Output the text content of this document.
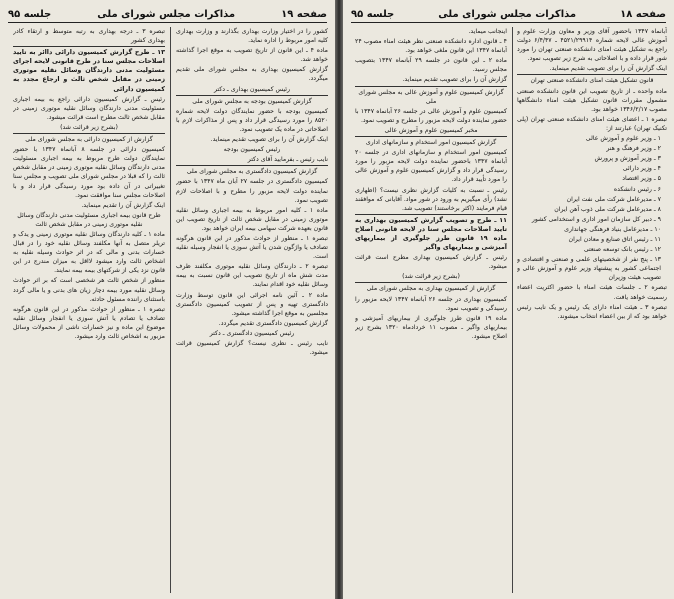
صفحه ۱۹
مذاکرات مجلس شورای ملی
جلسه ۹۵

کشور را در اختیار وزارت بهداری بگذارند و وزارت بهداری کلیه امور مربوط را اداره نماید.

ماده ۴ ـ این قانون از تاریخ تصویب به موقع اجرا گذاشته خواهد شد.

گزارش کمیسیون بهداری به مجلس شورای ملی تقدیم میگردد.

رئیس کمیسیون بهداری ـ دکتر

گزارش کمیسیون بودجه به مجلس شورای ملی

کمیسیون بودجه با حضور نمایندگان دولت لایحه شماره ۸۵۲۰ را مورد رسیدگی قرار داد و پس از مذاکرات لازم با اصلاحاتی در ماده یک تصویب نمود.

اینک گزارش آن را برای تصویب تقدیم مینماید.

رئیس کمیسیون بودجه

نایب رئیس ـ بفرمایید آقای دکتر

گزارش کمیسیون دادگستری به مجلس شورای ملی

کمیسیون دادگستری در جلسه ۲۷ آبان ماه ۱۳۴۷ با حضور نماینده دولت لایحه مزبور را مطرح و با اصلاحات لازم تصویب نمود.

ماده ۱ ـ کلیه امور مربوط به بیمه اجباری وسائل نقلیه موتوری زمینی در مقابل شخص ثالث از تاریخ تصویب این قانون بعهده شرکت سهامی بیمه ایران خواهد بود.

تبصره ۱ ـ منظور از حوادث مذکور در این قانون هرگونه تصادف یا واژگون شدن یا آتش سوزی یا انفجار وسیله نقلیه است.

تبصره ۲ ـ دارندگان وسائل نقلیه موتوری مکلفند ظرف مدت شش ماه از تاریخ تصویب این قانون نسبت به بیمه وسائل نقلیه خود اقدام نمایند.

ماده ۲ ـ آئین نامه اجرائی این قانون توسط وزارت دادگستری تهیه و پس از تصویب کمیسیون دادگستری مجلسین به موقع اجرا گذاشته میشود.

گزارش کمیسیون دادگستری تقدیم میگردد.

رئیس کمیسیون دادگستری ـ دکتر

نایب رئیس ـ نظری نیست؟ گزارش کمیسیون قرائت میشود.

تبصره ۳ ـ درجه بهداری به رتبه متوسط و ارتقاء کادر بهداری کشور

۱۳ ـ طرح گزارش کمیسیون دارائی داائر به تایید اصلاحات مجلس سنا در طرح قانونی لایحه اجرای مسئولیت مدنی دارندگان وسائل نقلیه موتوری زمینی در مقابل شخص ثالث و ارجاع مجدد به کمیسیون دارائی

رئیس ـ گزارش کمیسیون دارائی راجع به بیمه اجباری مسئولیت مدنی دارندگان وسائل نقلیه موتوری زمینی در مقابل شخص ثالث مطرح است قرائت میشود.

(بشرح زیر قرائت شد)

گزارش از کمیسیون دارائی به مجلس شورای ملی

کمیسیون دارائی در جلسه ۸ آبانماه ۱۳۴۷ با حضور نمایندگان دولت طرح مربوط به بیمه اجباری مسئولیت مدنی دارندگان وسائل نقلیه موتوری زمینی در مقابل شخص ثالث را که قبلا در مجلس شورای ملی تصویب و مجلس سنا تغییراتی در آن داده بود مورد رسیدگی قرار داد و با اصلاحات مجلس سنا موافقت نمود.

اینک گزارش آن را تقدیم مینماید.

طرح قانون بیمه اجباری مسئولیت مدنی دارندگان وسائل نقلیه موتوری زمینی در مقابل شخص ثالث

ماده ۱ ـ کلیه دارندگان وسائل نقلیه موتوری زمینی و یدک و تریلر متصل به آنها مکلفند وسائل نقلیه خود را در قبال خسارات بدنی و مالی که در اثر حوادث وسیله نقلیه به اشخاص ثالث وارد میشود لااقل به میزان مندرج در این قانون نزد یکی از شرکتهای بیمه بیمه نمایند.

منظور از شخص ثالث هر شخصی است که بر اثر حوادث وسائل نقلیه مورد بیمه دچار زیان های بدنی و یا مالی گردد باستثنای راننده مسئول حادثه.

تبصره ۱ ـ منظور از حوادث مذکور در این قانون هرگونه تصادف یا تصادم یا آتش سوزی یا انفجار وسائل نقلیه موضوع این ماده و نیز خسارات ناشی از محمولات وسائل مزبور به اشخاص ثالث وارد میشود.

صفحه ۱۸
مذاکرات مجلس شورای ملی
جلسه ۹۵

آبانماه ۱۳۴۷ باحضور آقای وزیر و معاون وزارت علوم و آموزش عالی لایحه شماره ۴۵۲۱/۲۹۹۱۴ ـ ۶/۴/۴۷ دولت راجع به تشکیل هیئت امنای دانشکده صنعتی تهران را مورد شور قرار داده و با اصلاحاتی به شرح زیر تصویب نمود.

اینک گزارش آن را برای تصویب تقدیم مینماید.

قانون تشکیل هیئت امنای دانشکده صنعتی تهران

ماده واحده ـ از تاریخ تصویب این قانون دانشکده صنعتی مشمول مقررات قانون تشکیل هیئت امناء دانشگاهها مصوب ۱۳۴۶/۲/۱۷ خواهد بود.

تبصره ۱ ـ اعضای هیئت امنای دانشکده صنعتی تهران (پلی تکنیک تهران) عبارتند از:

۱ ـ وزیر علوم و آموزش عالی

۲ ـ وزیر فرهنگ و هنر

۳ ـ وزیر آموزش و پرورش

۴ ـ وزیر دارائی

۵ ـ وزیر اقتصاد

۶ ـ رئیس دانشکده

۷ ـ مدیرعامل شرکت ملی نفت ایران

۸ ـ مدیرعامل شرکت ملی ذوب آهن ایران

۹ ـ دبیر کل سازمان امور اداری و استخدامی کشور

۱۰ ـ مدیرعامل بنیاد فرهنگی جهانداری

۱۱ ـ رئیس اتاق صنایع و معادن ایران

۱۲ ـ رئیس بانک توسعه صنعتی

۱۳ ـ پنج نفر از شخصیتهای علمی و صنعتی و اقتصادی و اجتماعی کشور به پیشنهاد وزیر علوم و آموزش عالی و تصویب هیئت وزیران

تبصره ۲ ـ جلسات هیئت امناء با حضور اکثریت اعضاء رسمیت خواهد یافت.

تبصره ۳ ـ هیئت امناء دارای یک رئیس و یک نایب رئیس خواهد بود که از بین اعضاء انتخاب میشوند.

اینجانب میماید.

۴ ـ قانون اداره دانشکده صنعتی نظر هیئت امناء مصوب ۲۴ آبانماه ۱۳۴۷ این قانون ملغی خواهد بود.

ماده ۲ ـ این قانون در جلسه ۲۹ آبانماه ۱۳۴۷ بتصویب مجلس رسید.

گزارش آن را برای تصویب تقدیم مینماید.

گزارش کمیسیون علوم و آموزش عالی به مجلس شورای ملی

کمیسیون علوم و آموزش عالی در جلسه ۲۶ آبانماه ۱۳۴۷ با حضور نماینده دولت لایحه مزبور را مطرح و تصویب نمود.

مخبر کمیسیون علوم و آموزش عالی

گزارش کمیسیون امور استخدام و سازمانهای اداری

کمیسیون امور استخدام و سازمانهای اداری در جلسه ۲۰ آبانماه ۱۳۴۷ باحضور نماینده دولت لایحه مزبور را مورد رسیدگی قرار داد و گزارش کمیسیون علوم و آموزش عالی را مورد تأیید قرار داد.

رئیس ـ نسبت به کلیات گزارش نظری نیست؟ (اظهاری نشد) رأی میگیریم به ورود در شور مواد. آقایانی که موافقند قیام فرمایند (اکثر برخاستند) تصویب شد.

۱۱ ـ طرح و تصویب گزارش کمیسیون بهداری به تایید اصلاحات مجلس سنا در لایحه قانونی اصلاح ماده ۱۹ قانون طرز جلوگیری از بیماریهای آمیزشی و بیماریهای واگیر

رئیس ـ گزارش کمیسیون بهداری مطرح است قرائت میشود.

(بشرح زیر قرائت شد)

گزارش از کمیسیون بهداری به مجلس شورای ملی

کمیسیون بهداری در جلسه ۲۶ آبانماه ۱۳۴۷ لایحه مزبور را رسیدگی و تصویب نمود.

ماده ۱۹ قانون طرز جلوگیری از بیماریهای آمیزشی و بیماریهای واگیر ـ مصوب ۱۱ خردادماه ۱۳۲۰ بشرح زیر اصلاح میشود.
